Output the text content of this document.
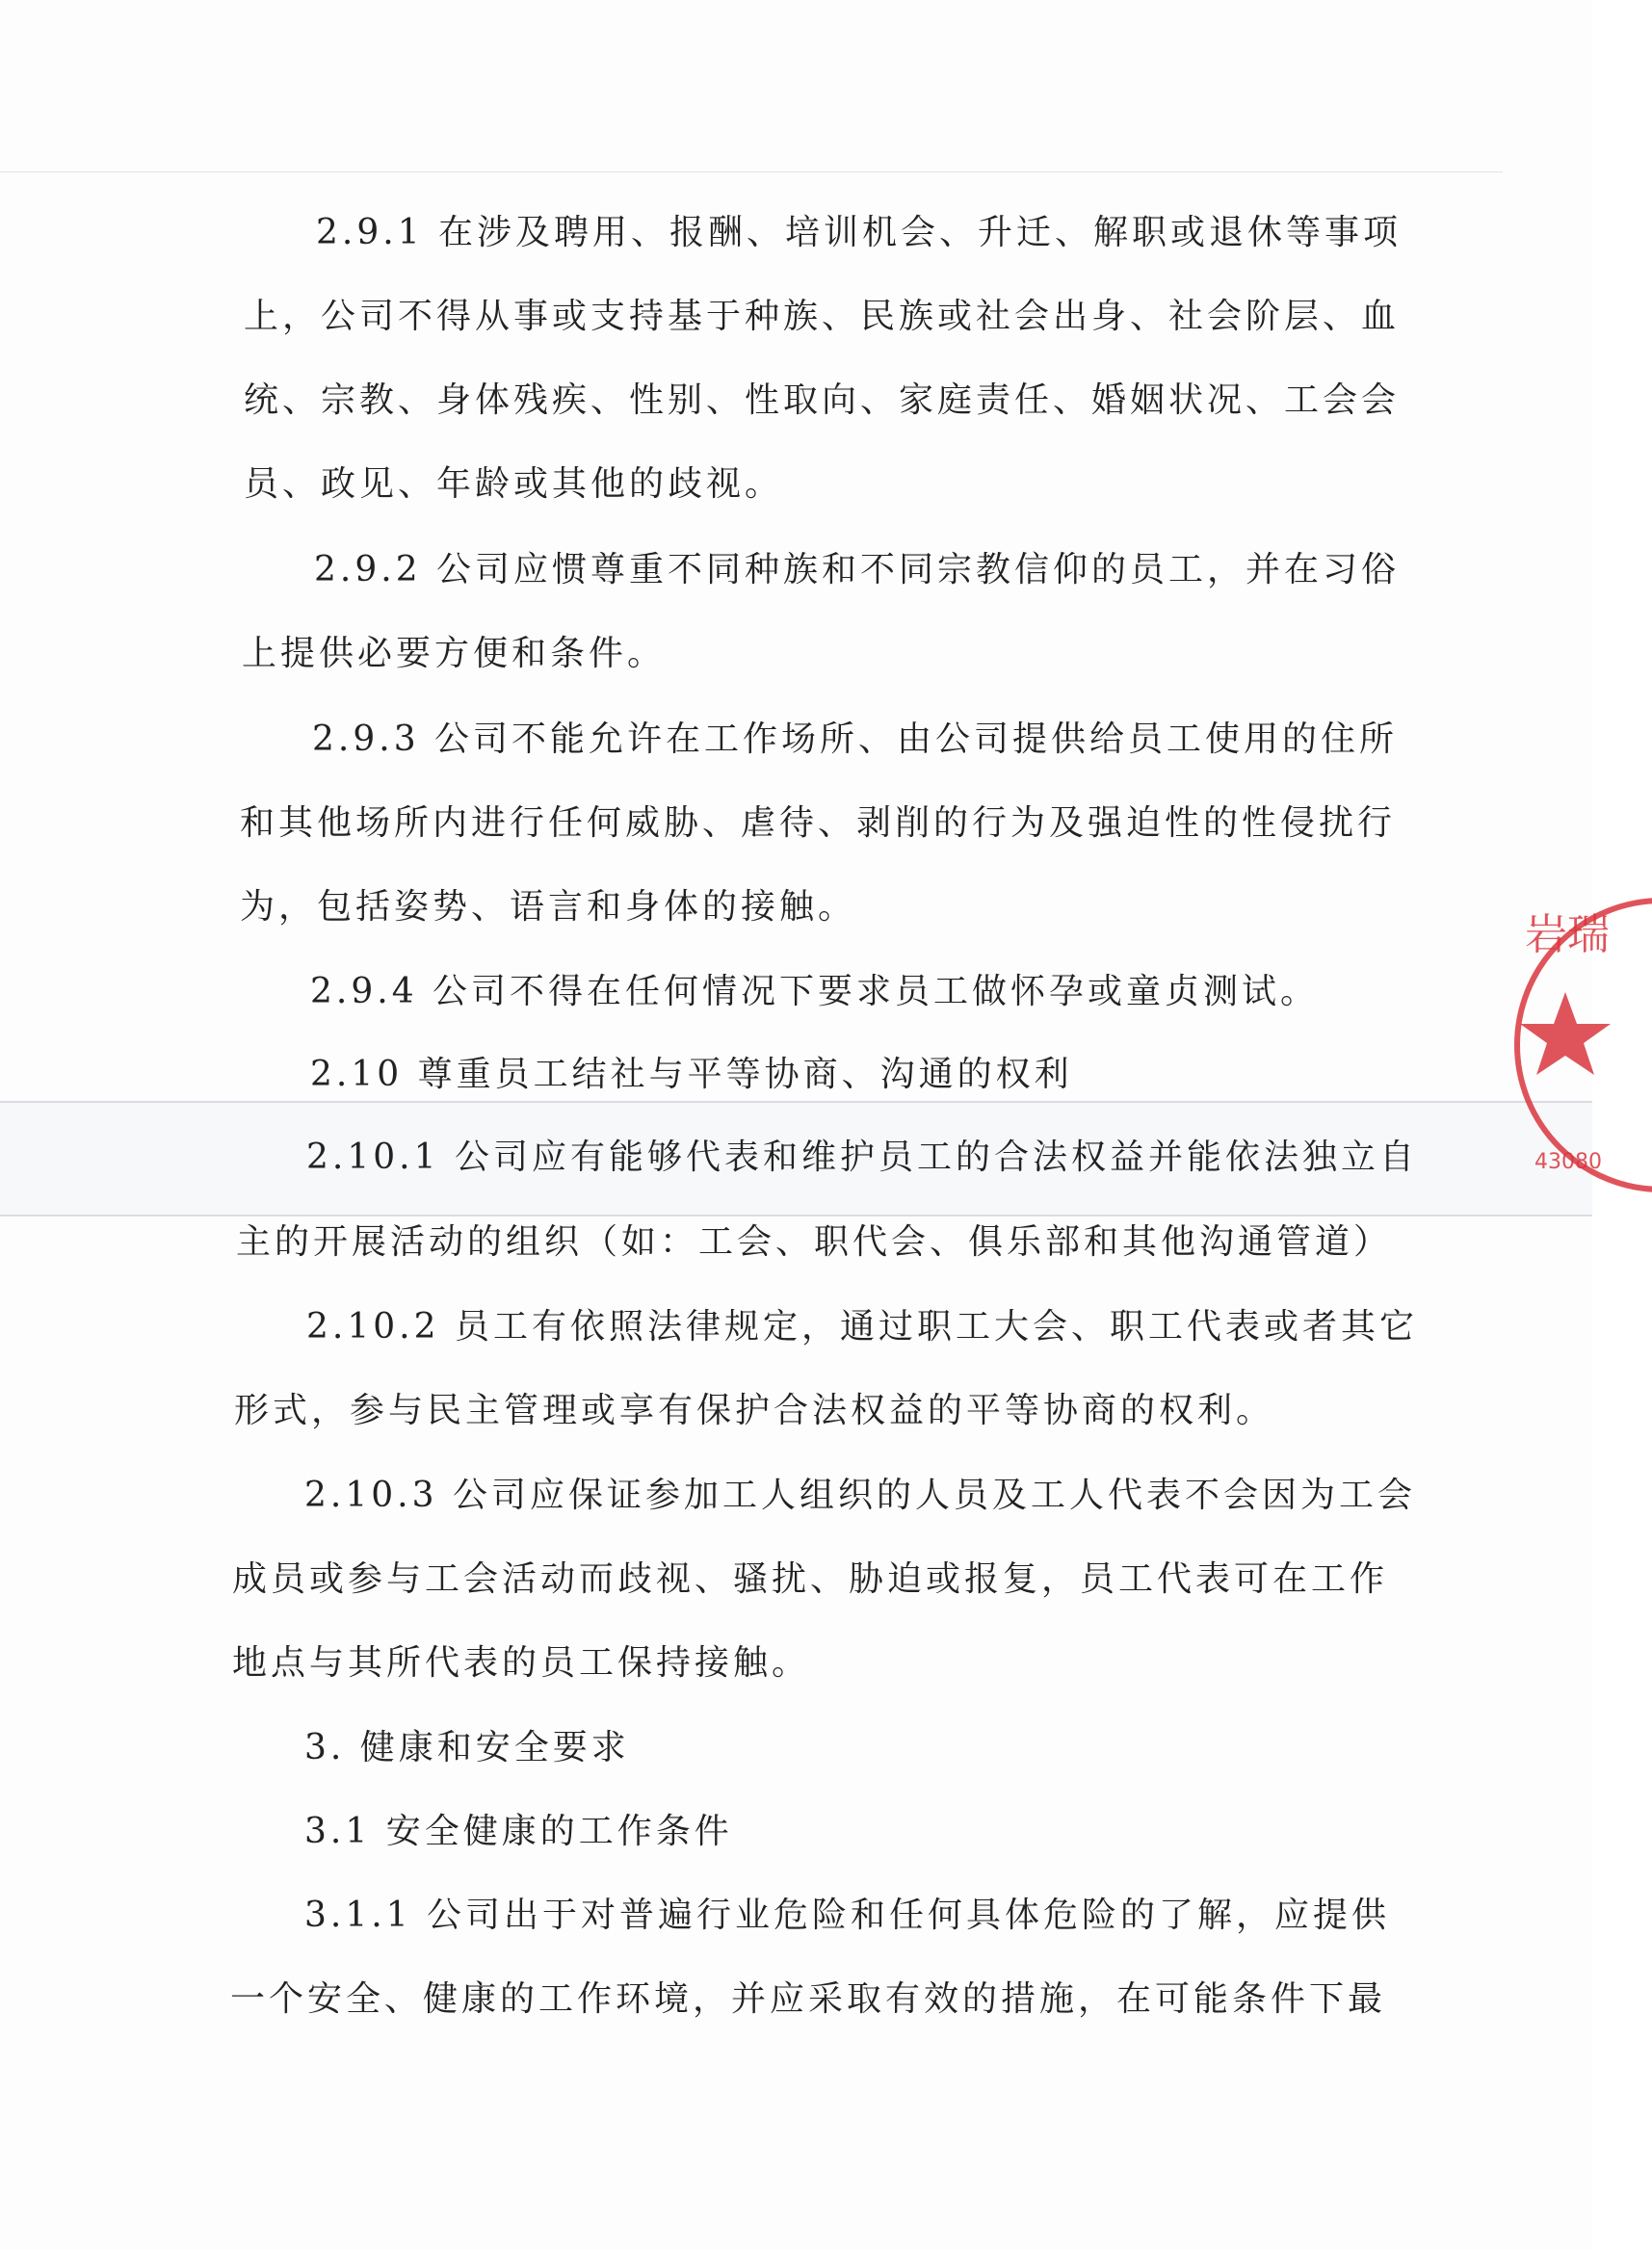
2.9.1 在涉及聘用、报酬、培训机会、升迁、解职或退休等事项

上，公司不得从事或支持基于种族、民族或社会出身、社会阶层、血

统、宗教、身体残疾、性别、性取向、家庭责任、婚姻状况、工会会

员、政见、年龄或其他的歧视。

2.9.2 公司应惯尊重不同种族和不同宗教信仰的员工，并在习俗

上提供必要方便和条件。

2.9.3 公司不能允许在工作场所、由公司提供给员工使用的住所

和其他场所内进行任何威胁、虐待、剥削的行为及强迫性的性侵扰行

为，包括姿势、语言和身体的接触。

2.9.4 公司不得在任何情况下要求员工做怀孕或童贞测试。

2.10 尊重员工结社与平等协商、沟通的权利

2.10.1 公司应有能够代表和维护员工的合法权益并能依法独立自

主的开展活动的组织（如：工会、职代会、俱乐部和其他沟通管道）

2.10.2 员工有依照法律规定，通过职工大会、职工代表或者其它

形式，参与民主管理或享有保护合法权益的平等协商的权利。

2.10.3 公司应保证参加工人组织的人员及工人代表不会因为工会

成员或参与工会活动而歧视、骚扰、胁迫或报复，员工代表可在工作

地点与其所代表的员工保持接触。

3. 健康和安全要求

3.1 安全健康的工作条件

3.1.1 公司出于对普遍行业危险和任何具体危险的了解，应提供

一个安全、健康的工作环境，并应采取有效的措施，在可能条件下最

岩瑞
43080
